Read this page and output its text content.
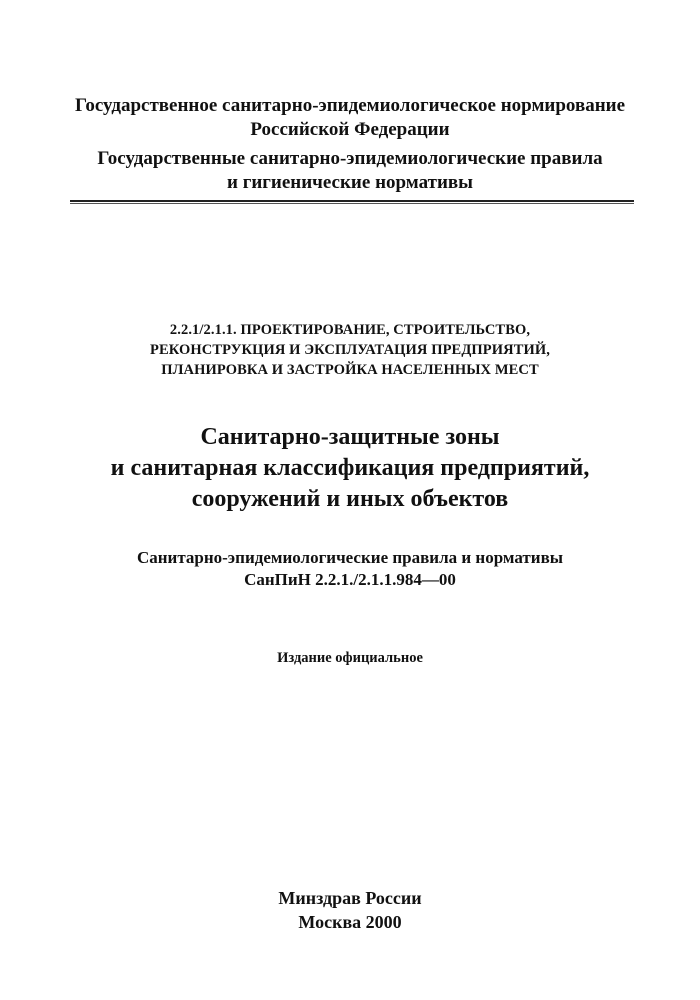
Государственное санитарно-эпидемиологическое нормирование
Российской Федерации
Государственные санитарно-эпидемиологические правила
и гигиенические нормативы
2.2.1/2.1.1. ПРОЕКТИРОВАНИЕ, СТРОИТЕЛЬСТВО,
РЕКОНСТРУКЦИЯ И ЭКСПЛУАТАЦИЯ ПРЕДПРИЯТИЙ,
ПЛАНИРОВКА И ЗАСТРОЙКА НАСЕЛЕННЫХ МЕСТ
Санитарно-защитные зоны
и санитарная классификация предприятий,
сооружений и иных объектов
Санитарно-эпидемиологические правила и нормативы
СанПиН 2.2.1./2.1.1.984—00
Издание официальное
Минздрав России
Москва 2000
